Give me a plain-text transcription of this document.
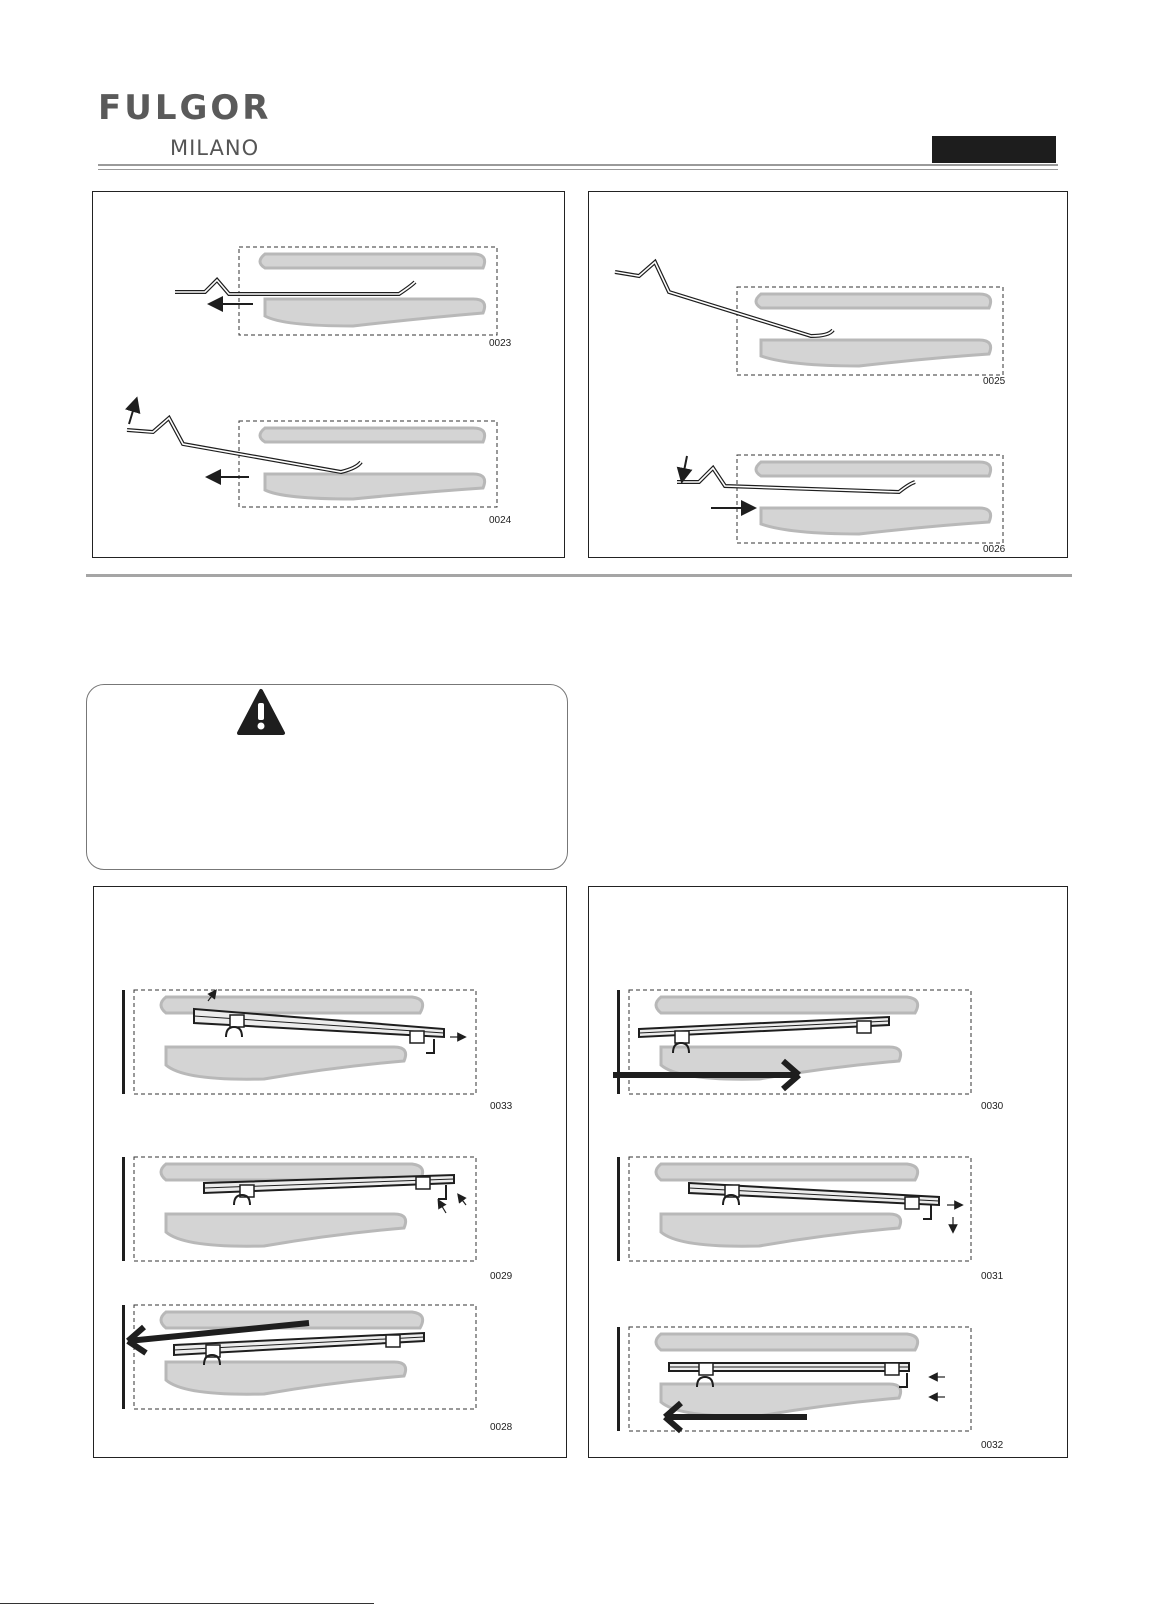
FULGOR
MILANO
0023
0024
0025
0026
0033
0029
0028
0030
0031
0032
